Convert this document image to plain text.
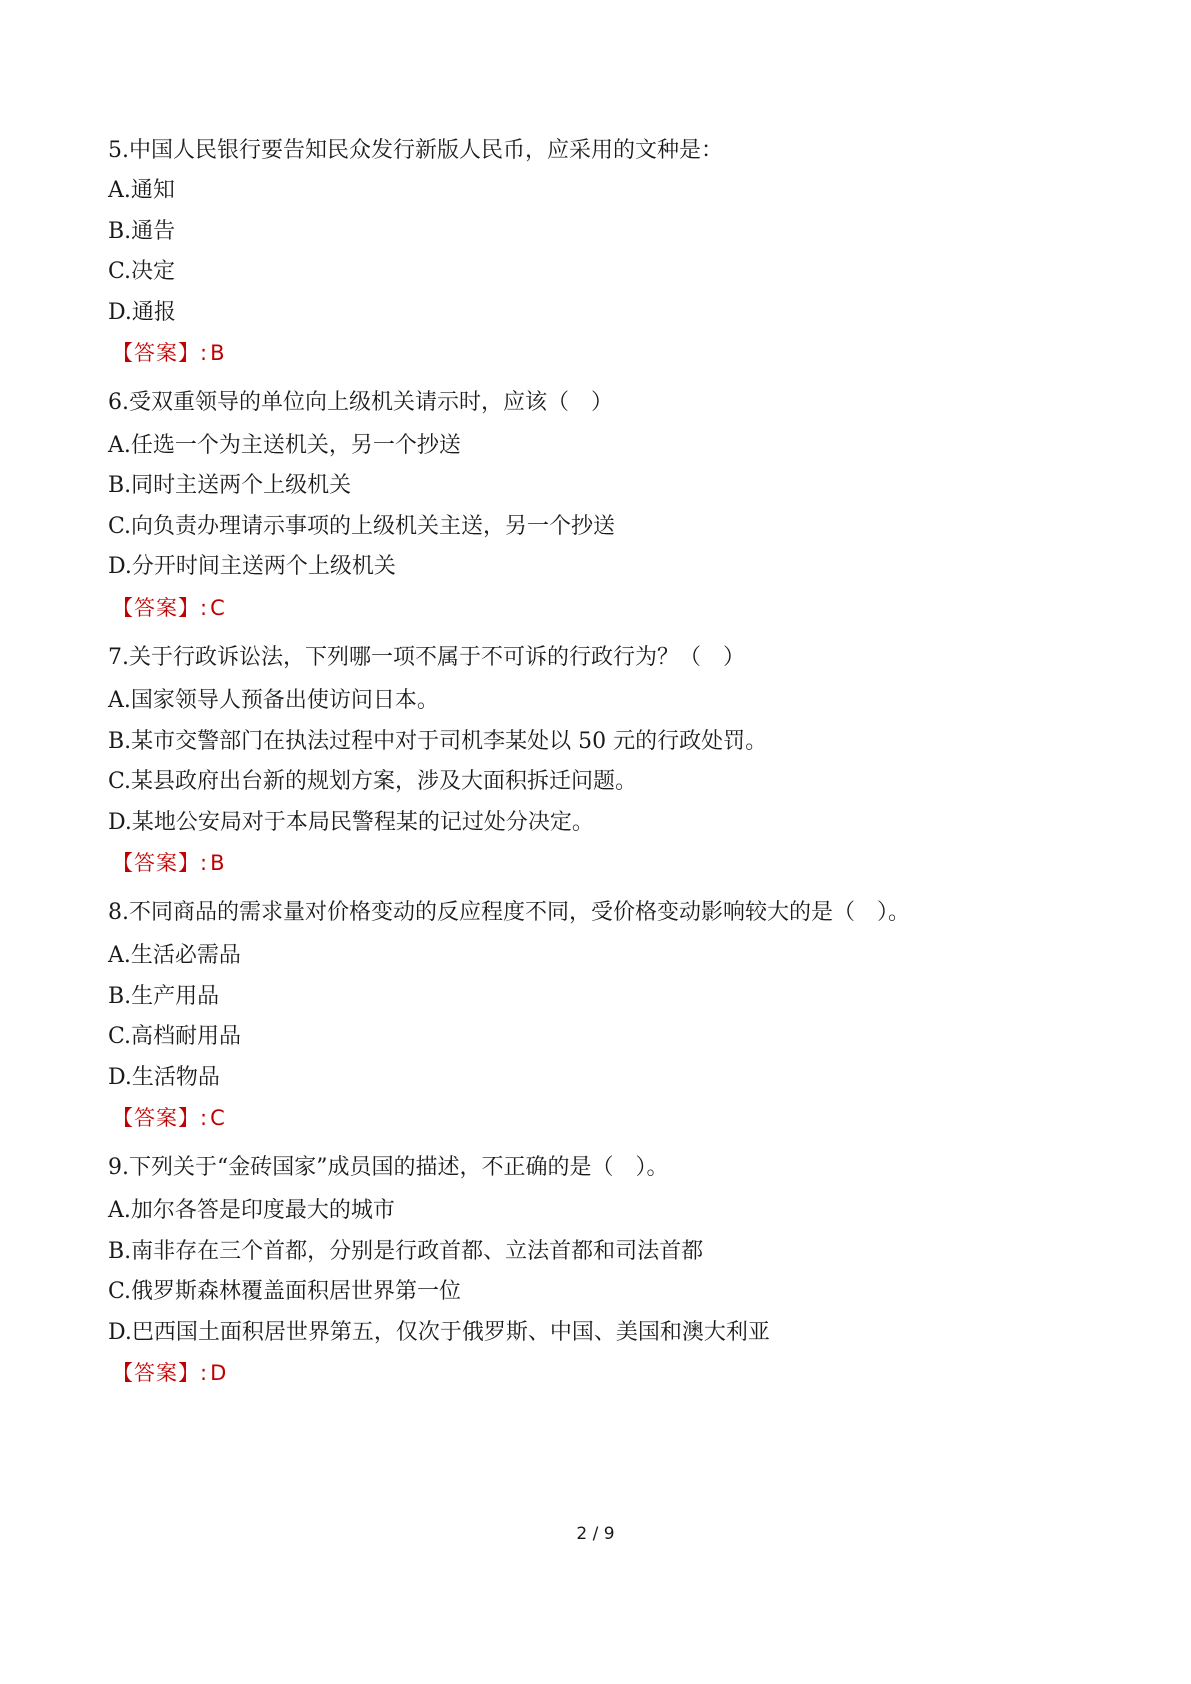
5.中国人民银行要告知民众发行新版人民币，应采用的文种是：
A.通知
B.通告
C.决定
D.通报
【答案】:B
6.受双重领导的单位向上级机关请示时，应该（　）
A.任选一个为主送机关，另一个抄送
B.同时主送两个上级机关
C.向负责办理请示事项的上级机关主送，另一个抄送
D.分开时间主送两个上级机关
【答案】:C
7.关于行政诉讼法，下列哪一项不属于不可诉的行政行为？（　）
A.国家领导人预备出使访问日本。
B.某市交警部门在执法过程中对于司机李某处以 50 元的行政处罚。
C.某县政府出台新的规划方案，涉及大面积拆迁问题。
D.某地公安局对于本局民警程某的记过处分决定。
【答案】:B
8.不同商品的需求量对价格变动的反应程度不同，受价格变动影响较大的是（　）。
A.生活必需品
B.生产用品
C.高档耐用品
D.生活物品
【答案】:C
9.下列关于“金砖国家”成员国的描述，不正确的是（　）。
A.加尔各答是印度最大的城市
B.南非存在三个首都，分别是行政首都、立法首都和司法首都
C.俄罗斯森林覆盖面积居世界第一位
D.巴西国土面积居世界第五，仅次于俄罗斯、中国、美国和澳大利亚
【答案】:D
2 / 9
